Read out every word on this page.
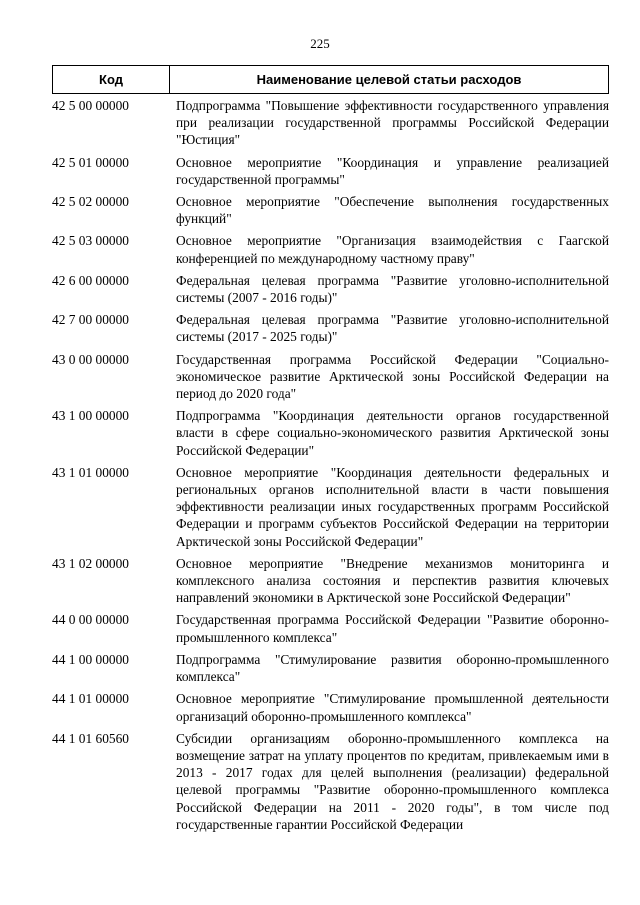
225
Код	Наименование целевой статьи расходов
42 5 00 00000	Подпрограмма "Повышение эффективности государственного управления при реализации государственной программы Российской Федерации "Юстиция"
42 5 01 00000	Основное мероприятие "Координация и управление реализацией государственной программы"
42 5 02 00000	Основное мероприятие "Обеспечение выполнения государственных функций"
42 5 03 00000	Основное мероприятие "Организация взаимодействия с Гаагской конференцией по международному частному праву"
42 6 00 00000	Федеральная целевая программа "Развитие уголовно-исполнительной системы (2007 - 2016 годы)"
42 7 00 00000	Федеральная целевая программа "Развитие уголовно-исполнительной системы (2017 - 2025 годы)"
43 0 00 00000	Государственная программа Российской Федерации "Социально-экономическое развитие Арктической зоны Российской Федерации на период до 2020 года"
43 1 00 00000	Подпрограмма "Координация деятельности органов государственной власти в сфере социально-экономического развития Арктической зоны Российской Федерации"
43 1 01 00000	Основное мероприятие "Координация деятельности федеральных и региональных органов исполнительной власти в части повышения эффективности реализации иных государственных программ Российской Федерации и программ субъектов Российской Федерации на территории Арктической зоны Российской Федерации"
43 1 02 00000	Основное мероприятие "Внедрение механизмов мониторинга и комплексного анализа состояния и перспектив развития ключевых направлений экономики в Арктической зоне Российской Федерации"
44 0 00 00000	Государственная программа Российской Федерации "Развитие оборонно-промышленного комплекса"
44 1 00 00000	Подпрограмма "Стимулирование развития оборонно-промышленного комплекса"
44 1 01 00000	Основное мероприятие "Стимулирование промышленной деятельности организаций оборонно-промышленного комплекса"
44 1 01 60560	Субсидии организациям оборонно-промышленного комплекса на возмещение затрат на уплату процентов по кредитам, привлекаемым ими в 2013 - 2017 годах для целей выполнения (реализации) федеральной целевой программы "Развитие оборонно-промышленного комплекса Российской Федерации на 2011 - 2020 годы", в том числе под государственные гарантии Российской Федерации
